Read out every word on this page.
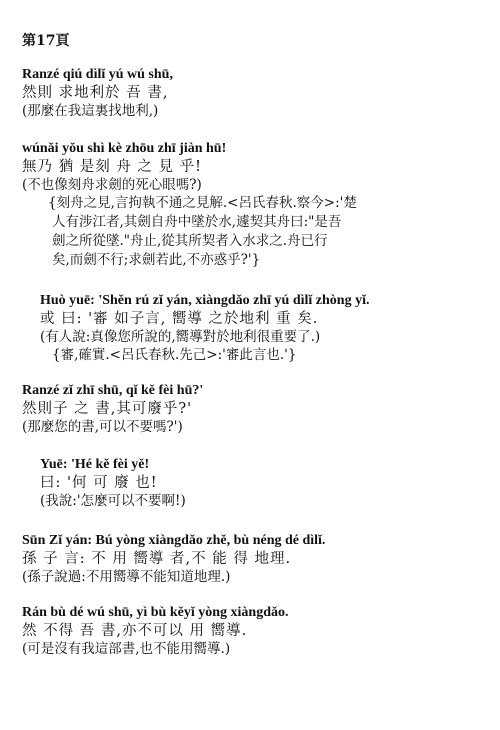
第17頁
Ranzé qiú dìlǐ yú wú shū,
然則 求地利於 吾 書,
(那麼在我這裏找地利,)
wúnǎi yǒu shì kè zhōu zhī jiàn hū!
無乃 猶 是刻 舟 之 見 乎!
(不也像刻舟求劍的死心眼嗎?)
{刻舟之見,言拘執不通之見解.<呂氏春秋.察今>:'楚
人有涉江者,其劍自舟中墜於水,遽契其舟曰:"是吾
劍之所從墜."舟止,從其所契者入水求之.舟已行
矣,而劍不行;求劍若此,不亦惑乎?'}
Huò yuē: 'Shěn rú zǐ yán, xiàngdǎo zhī yú dìlǐ zhòng yǐ.
或 曰: '審 如子言, 嚮導 之於地利 重 矣.
(有人說:真像您所說的,嚮導對於地利很重要了.)
{審,確實.<呂氏春秋.先己>:'審此言也.'}
Ranzé zǐ zhī shū, qǐ kě fèi hū?'
然則子 之 書,其可廢乎?'
(那麼您的書,可以不要嗎?')
Yuē: 'Hé kě fèi yě!
曰: '何 可 廢 也!
(我說:'怎麼可以不要啊!)
Sūn Zǐ yán: Bú yòng xiàngdǎo zhě, bù néng dé dìlǐ.
孫 子 言: 不 用 嚮導 者,不 能 得 地理.
(孫子說過:不用嚮導不能知道地理.)
Rán bù dé wú shū, yì bù kěyǐ yòng xiàngdǎo.
然 不得 吾 書,亦不可以 用 嚮導.
(可是沒有我這部書,也不能用嚮導.)
